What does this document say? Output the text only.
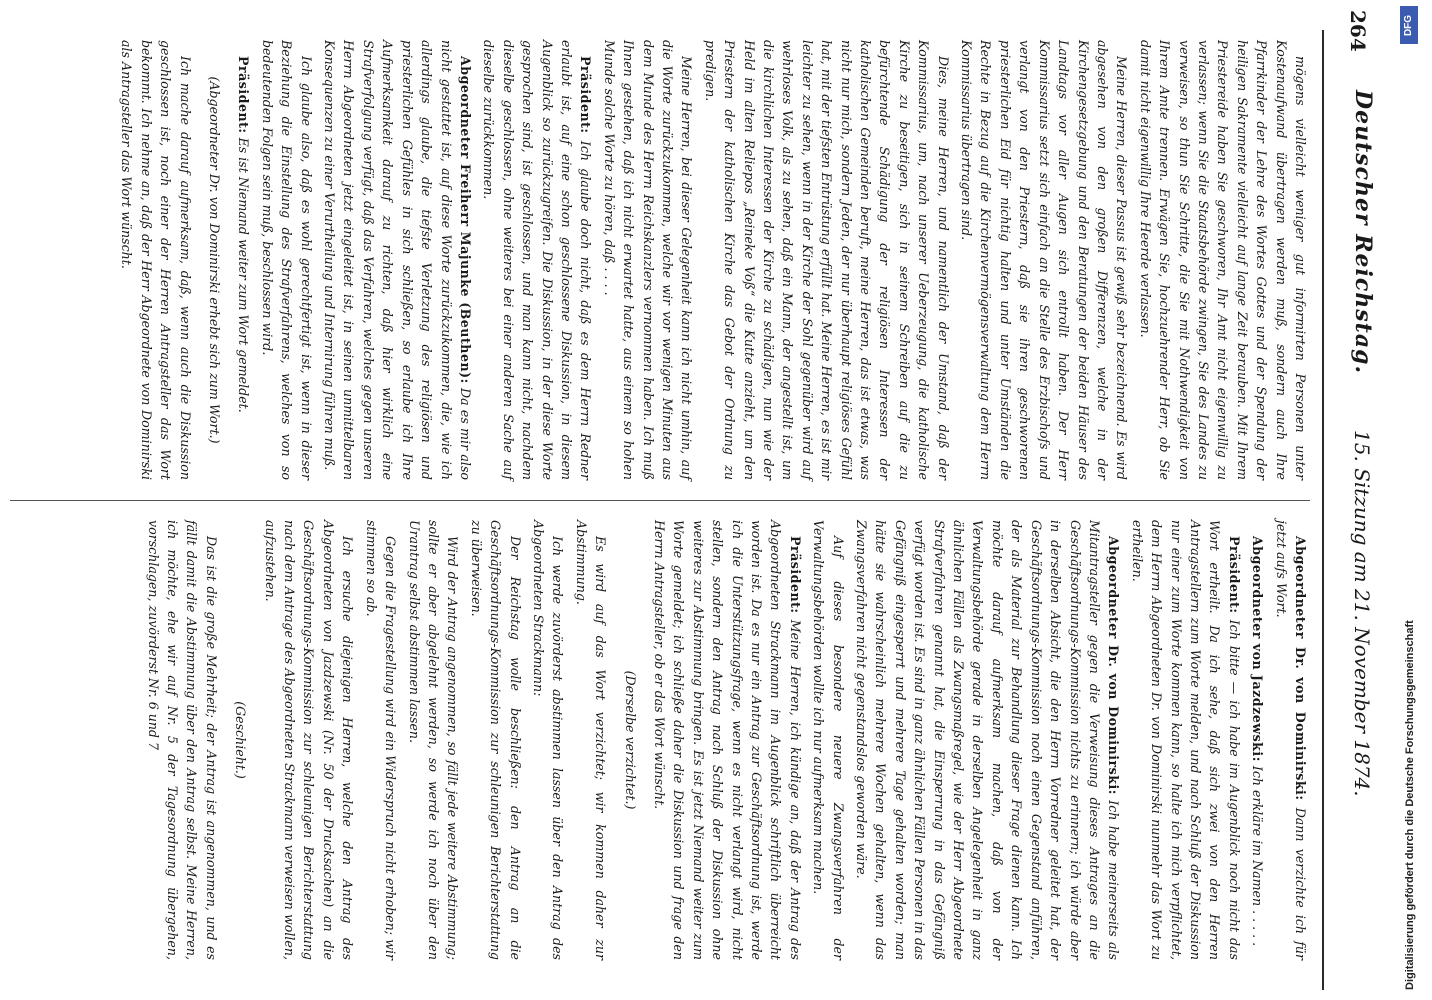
264
Deutscher Reichstag.
15. Sitzung am 21. November 1874.

mögens vielleicht weniger gut informirten Personen unter Kostenaufwand übertragen werden muß, sondern auch Ihre Pfarrkinder der Lehre des Wortes Gottes und der Spendung der heiligen Sakramente vielleicht auf lange Zeit berauben. Mit Ihrem Priestereide haben Sie geschworen, Ihr Amt nicht eigenwillig zu verlassen; wenn Sie die Staatsbehörde zwingen, Sie des Landes zu verweisen, so thun Sie Schritte, die Sie mit Nothwendigkeit von Ihrem Amte trennen. Erwägen Sie, hochzuehrender Herr, ob Sie damit nicht eigenwillig Ihre Heerde verlassen.

Meine Herren, dieser Passus ist gewiß sehr bezeichnend. Es wird abgesehen von den großen Differenzen, welche in der Kirchengesetzgebung und den Beratungen der beiden Häuser des Landtags vor aller Augen sich entrollt haben. Der Herr Kommissarius setzt sich einfach an die Stelle des Erzbischofs und verlangt von den Priestern, daß sie ihren geschworenen priesterlichen Eid für nichtig halten und unter Umständen die Rechte in Bezug auf die Kirchenvermögensverwaltung dem Herrn Kommissarius übertragen sind.

Dies, meine Herren, und namentlich der Umstand, daß der Kommissarius, um, nach unserer Ueberzeugung, die katholische Kirche zu beseitigen, sich in seinem Schreiben auf die zu befürchtende Schädigung der religiösen Interessen der katholischen Gemeinden beruft, meine Herren, das ist etwas, was nicht nur mich, sondern Jeden, der nur überhaupt religiöses Gefühl hat, mit der tiefsten Entrüstung erfüllt hat. Meine Herren, es ist mir leichter zu sehen, wenn in der Kirche der Sohl gegenüber wird auf wehrloses Volk, als zu sehen, daß ein Mann, der angestellt ist, um die kirchlichen Interessen der Kirche zu schädigen, nun wie der Held im alten Reliepos „Reineke Voß“ die Kutte anzieht, um den Priestern der katholischen Kirche das Gebot der Ordnung zu predigen.

Meine Herren, bei dieser Gelegenheit kann ich nicht umhin, auf die Worte zurückzukommen, welche wir vor wenigen Minuten aus dem Munde des Herrn Reichskanzlers vernommen haben. Ich muß Ihnen gestehen, daß ich nicht erwartet hatte, aus einem so hohen Munde solche Worte zu hören, daß . . . .

Präsident: Ich glaube doch nicht, daß es dem Herrn Redner erlaubt ist, auf eine schon geschlossene Diskussion, in diesem Augenblick so zurückzugreifen. Die Diskussion, in der diese Worte gesprochen sind, ist geschlossen, und man kann nicht, nachdem dieselbe geschlossen, ohne weiteres bei einer anderen Sache auf dieselbe zurückkommen.

Abgeordneter Freiherr Majunke (Beuthen): Da es mir also nicht gestattet ist, auf diese Worte zurückzukommen, die, wie ich allerdings glaube, die tiefste Verletzung des religiösen und priesterlichen Gefühles in sich schließen, so erlaube ich Ihre Aufmerksamkeit darauf zu richten, daß hier wirklich eine Strafverfolgung verfügt, daß das Verfahren, welches gegen unseren Herrn Abgeordneten jetzt eingeleitet ist, in seinen unmittelbaren Konsequenzen zu einer Verurtheilung und Internirung führen muß.

Ich glaube also, daß es wohl gerechtfertigt ist, wenn in dieser Beziehung die Einstellung des Strafverfahrens, welches von so bedeutenden Folgen sein muß, beschlossen wird.

Präsident: Es ist Niemand weiter zum Wort gemeldet.

(Abgeordneter Dr. von Dominirski erhebt sich zum Wort.)

Ich mache darauf aufmerksam, daß, wenn auch die Diskussion geschlossen ist, noch einer der Herren Antragsteller das Wort bekommt. Ich nehme an, daß der Herr Abgeordnete von Dominirski als Antragsteller das Wort wünscht.

Abgeordneter Dr. von Dominirski: Dann verzichte ich für jetzt aufs Wort.

Abgeordneter von Jazdzewski: Ich erkläre im Namen . . . . .

Präsident: Ich bitte — ich habe im Augenblick noch nicht das Wort ertheilt. Da ich sehe, daß sich zwei von den Herren Antragstellern zum Worte melden, und nach Schluß der Diskussion nur einer zum Worte kommen kann, so halte ich mich verpflichtet, dem Herrn Abgeordneten Dr. von Dominirski nunmehr das Wort zu ertheilen.

Abgeordneter Dr. von Dominirski: Ich habe meinerseits als Mitantragsteller gegen die Verweisung dieses Antrages an die Geschäftsordnungs-Kommission nichts zu erinnern; ich würde aber in derselben Absicht, die den Herrn Vorredner geleitet hat, der Geschäftsordnungs-Kommission noch einen Gegenstand anführen, der als Material zur Behandlung dieser Frage dienen kann. Ich möchte darauf aufmerksam machen, daß von der Verwaltungsbehörde gerade in derselben Angelegenheit in ganz ähnlichen Fällen als Zwangsmaßregel, wie der Herr Abgeordnete Strafverfahren genannt hat, die Einsperrung in das Gefängniß verfügt worden ist. Es sind in ganz ähnlichen Fällen Personen in das Gefängniß eingesperrt und mehrere Tage gehalten worden; man hätte sie wahrscheinlich mehrere Wochen gehalten, wenn das Zwangsverfahren nicht gegenstandslos geworden wäre.

Auf dieses besondere neuere Zwangsverfahren der Verwaltungsbehörden wollte ich nur aufmerksam machen.

Präsident: Meine Herren, ich kündige an, daß der Antrag des Abgeordneten Strackmann im Augenblick schriftlich überreicht worden ist. Da es nur ein Antrag zur Geschäftsordnung ist, werde ich die Unterstützungsfrage, wenn es nicht verlangt wird, nicht stellen, sondern den Antrag nach Schluß der Diskussion ohne weiteres zur Abstimmung bringen. Es ist jetzt Niemand weiter zum Worte gemeldet; ich schließe daher die Diskussion und frage den Herrn Antragsteller, ob er das Wort wünscht.

(Derselbe verzichtet.)

Es wird auf das Wort verzichtet; wir kommen daher zur Abstimmung.

Ich werde zuvörderst abstimmen lassen über den Antrag des Abgeordneten Strackmann:

Der Reichstag wolle beschließen: den Antrag an die Geschäftsordnungs-Kommission zur schleunigen Berichterstattung zu überweisen.

Wird der Antrag angenommen, so fällt jede weitere Abstimmung; sollte er aber abgelehnt werden, so werde ich noch über den Urantrag selbst abstimmen lassen.

Gegen die Fragestellung wird ein Widerspruch nicht erhoben; wir stimmen so ab.

Ich ersuche diejenigen Herren, welche den Antrag des Abgeordneten von Jazdzewski (Nr. 50 der Drucksachen) an die Geschäftsordnungs-Kommission zur schleunigen Berichterstattung nach dem Antrage des Abgeordneten Strackmann verweisen wollen, aufzustehen.

(Geschieht.)

Das ist die große Mehrheit; der Antrag ist angenommen, und es fällt damit die Abstimmung über den Antrag selbst. Meine Herren, ich möchte, ehe wir auf Nr. 5 der Tagesordnung übergehen, vorschlagen, zuvörderst Nr. 6 und 7

DFG
Digitalisierung gefördert durch die Deutsche Forschungsgemeinschaft
